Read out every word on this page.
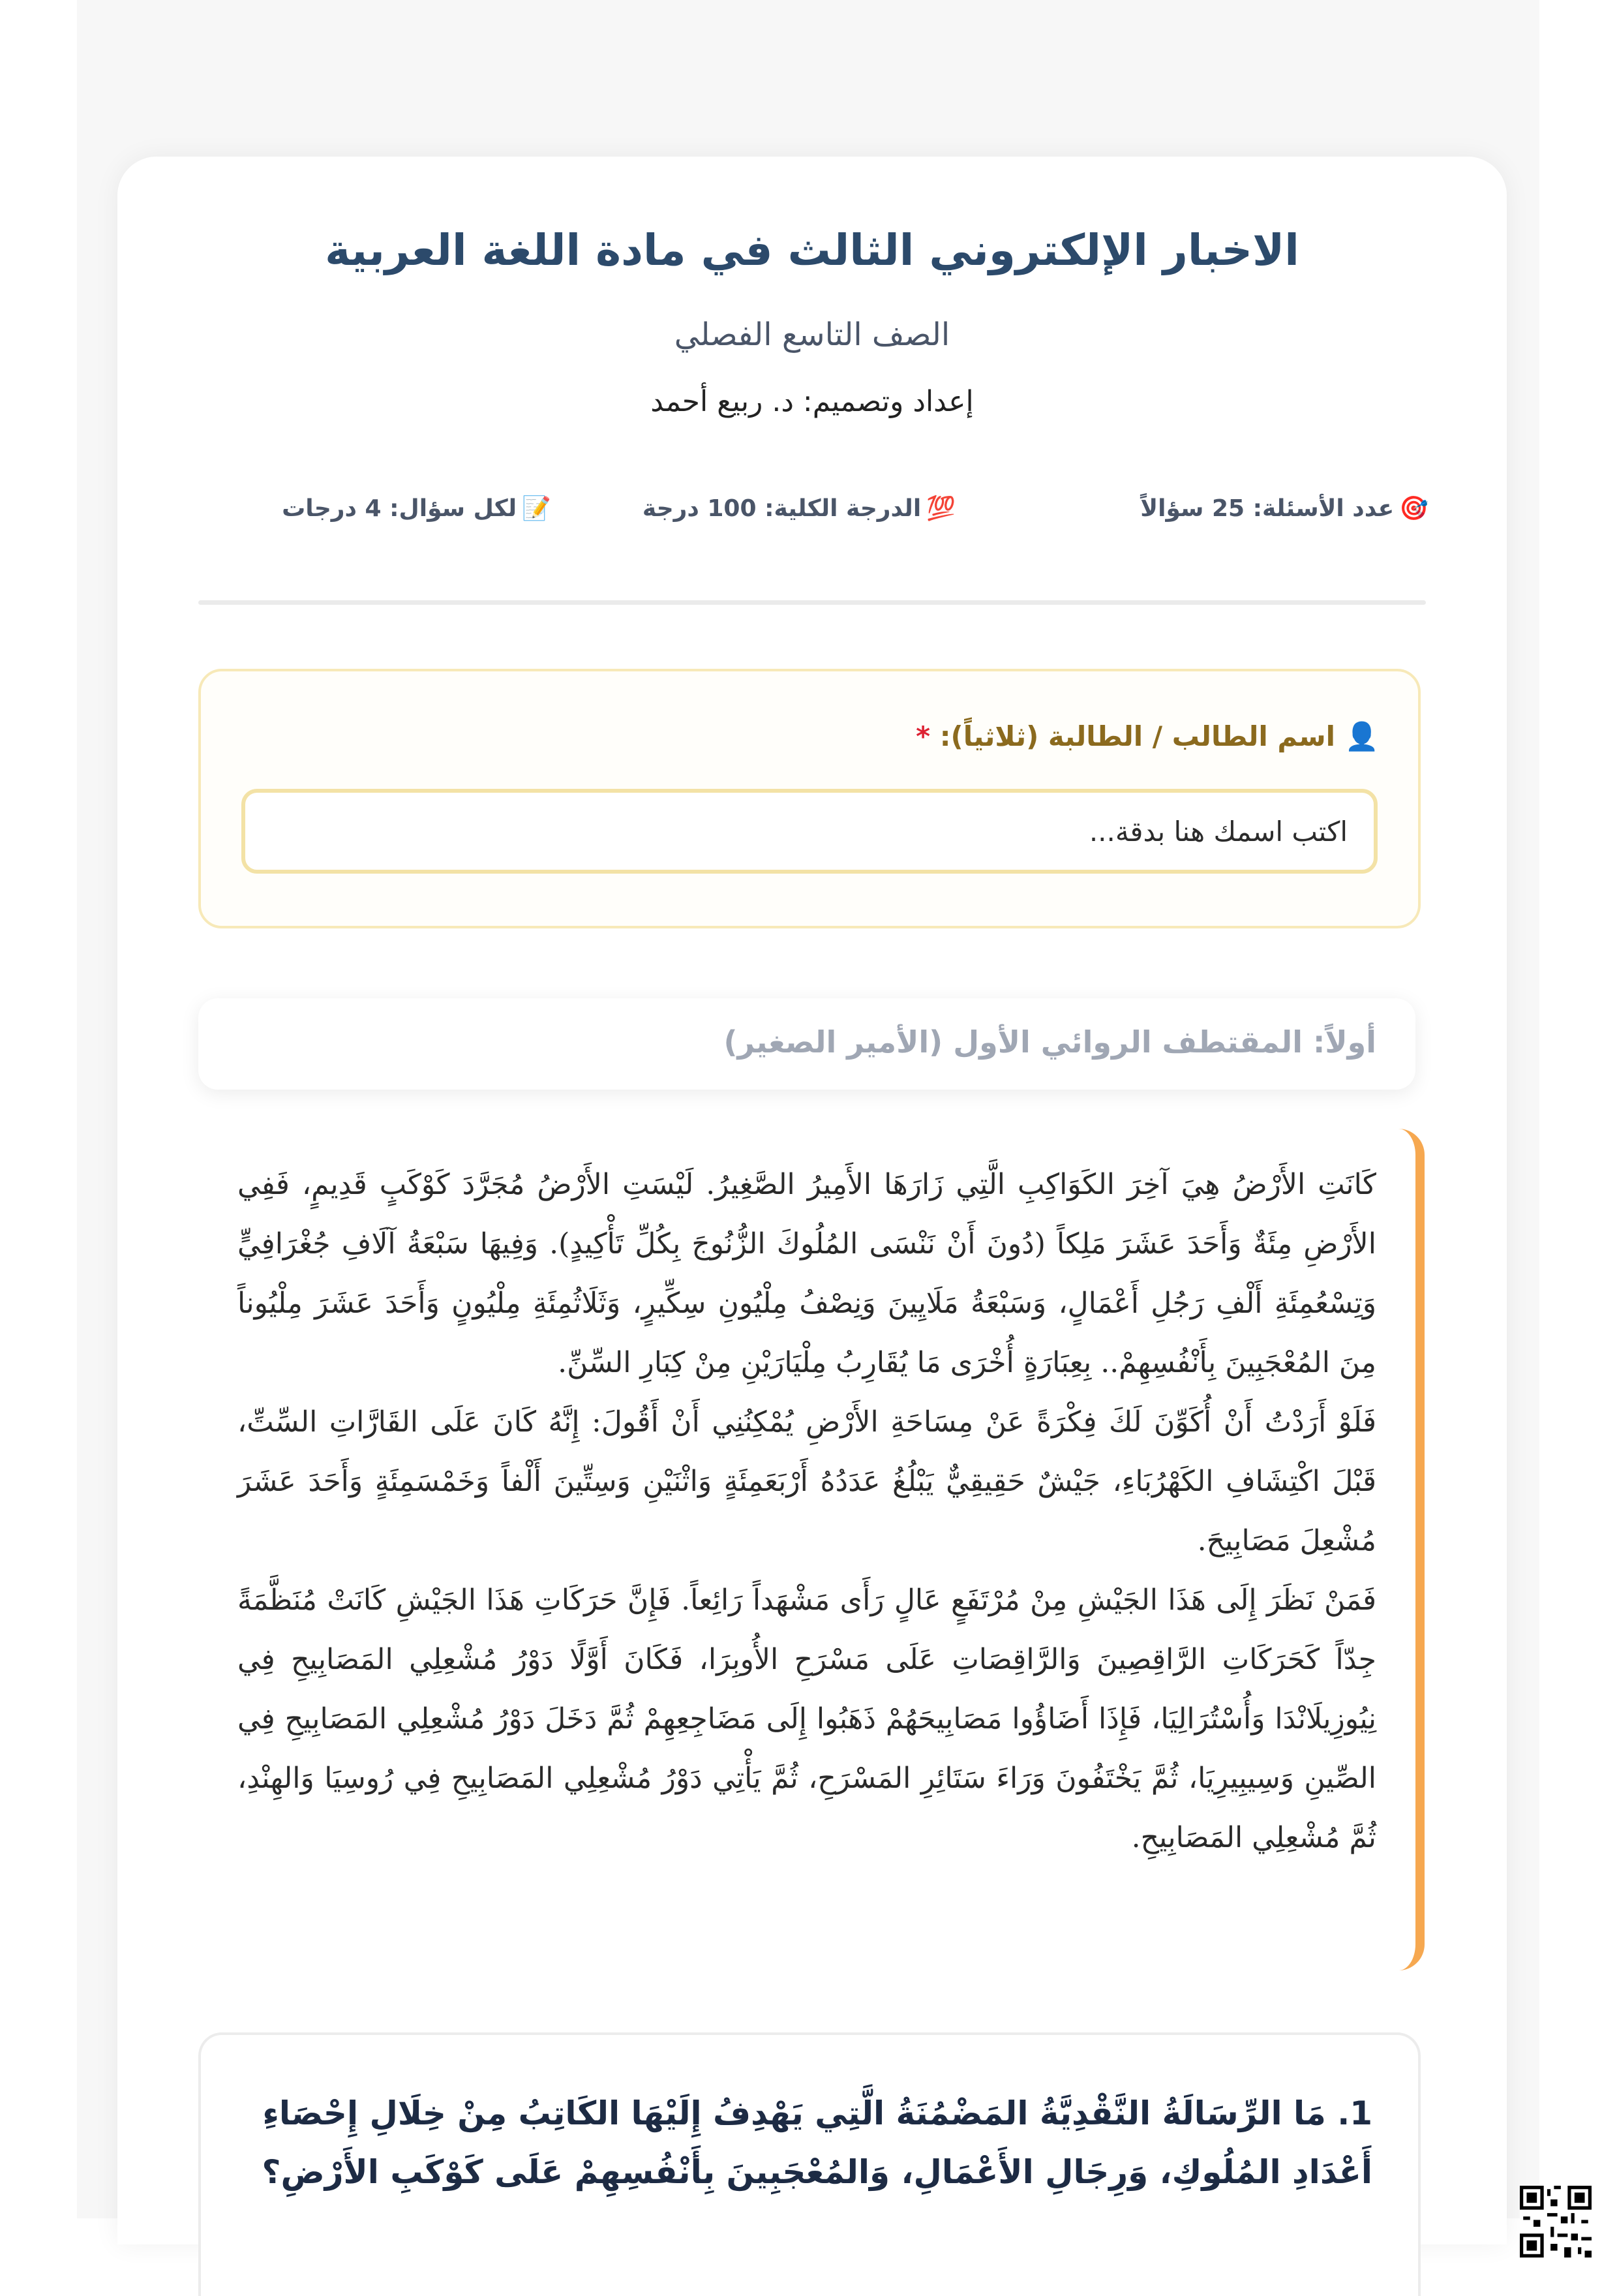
الاخبار الإلكتروني الثالث في مادة اللغة العربية
الصف التاسع الفصلي
إعداد وتصميم: د. ربيع أحمد
🎯عدد الأسئلة: 25 سؤالاً
💯الدرجة الكلية: 100 درجة
📝لكل سؤال: 4 درجات
👤 اسم الطالب / الطالبة (ثلاثياً): *
اكتب اسمك هنا بدقة...
أولاً: المقتطف الروائي الأول (الأمير الصغير)

كَانَتِ الأَرْضُ هِيَ آخِرَ الكَوَاكِبِ الَّتِي زَارَهَا الأَمِيرُ الصَّغِيرُ. لَيْسَتِ الأَرْضُ مُجَرَّدَ كَوْكَبٍ قَدِيمٍ، فَفِي الأَرْضِ مِئَةٌ وَأَحَدَ عَشَرَ مَلِكاً (دُونَ أَنْ نَنْسَى المُلُوكَ الزُّنُوجَ بِكُلِّ تَأْكِيدٍ). وَفِيهَا سَبْعَةُ آلَافِ جُغْرَافِيٍّ وَتِسْعُمِئَةِ أَلْفِ رَجُلِ أَعْمَالٍ، وَسَبْعَةُ مَلَايِينَ وَنِصْفُ مِلْيُونِ سِكِّيرٍ، وَثَلَاثُمِئَةِ مِلْيُونٍ وَأَحَدَ عَشَرَ مِلْيُوناً مِنَ المُعْجَبِينَ بِأَنْفُسِهِمْ.. بِعِبَارَةٍ أُخْرَى مَا يُقَارِبُ مِلْيَارَيْنِ مِنْ كِبَارِ السِّنِّ.

فَلَوْ أَرَدْتُ أَنْ أُكَوِّنَ لَكَ فِكْرَةً عَنْ مِسَاحَةِ الأَرْضِ يُمْكِنُنِي أَنْ أَقُولَ: إِنَّهُ كَانَ عَلَى القَارَّاتِ السِّتِّ، قَبْلَ اكْتِشَافِ الكَهْرُبَاءِ، جَيْشٌ حَقِيقِيٌّ يَبْلُغُ عَدَدُهُ أَرْبَعَمِئَةٍ وَاثْنَيْنِ وَسِتِّينَ أَلْفاً وَخَمْسَمِئَةٍ وَأَحَدَ عَشَرَ مُشْعِلَ مَصَابِيحَ.

فَمَنْ نَظَرَ إِلَى هَذَا الجَيْشِ مِنْ مُرْتَفَعٍ عَالٍ رَأَى مَشْهَداً رَائِعاً. فَإِنَّ حَرَكَاتِ هَذَا الجَيْشِ كَانَتْ مُنَظَّمَةً جِدّاً كَحَرَكَاتِ الرَّاقِصِينَ وَالرَّاقِصَاتِ عَلَى مَسْرَحِ الأُوبِرَا، فَكَانَ أَوَّلًا دَوْرُ مُشْعِلِي المَصَابِيحِ فِي نِيُوزِيلَانْدَا وَأُسْتُرَالِيَا، فَإِذَا أَضَاؤُوا مَصَابِيحَهُمْ ذَهَبُوا إِلَى مَضَاجِعِهِمْ ثُمَّ دَخَلَ دَوْرُ مُشْعِلِي المَصَابِيحِ فِي الصِّينِ وَسِيبِيرِيَا، ثُمَّ يَخْتَفُونَ وَرَاءَ سَتَائِرِ المَسْرَحِ، ثُمَّ يَأْتِي دَوْرُ مُشْعِلِي المَصَابِيحِ فِي رُوسِيَا وَالهِنْدِ، ثُمَّ مُشْعِلِي المَصَابِيحِ.

1. مَا الرِّسَالَةُ النَّقْدِيَّةُ المَضْمُنَةُ الَّتِي يَهْدِفُ إِلَيْهَا الكَاتِبُ مِنْ خِلَالِ إِحْصَاءِ أَعْدَادِ المُلُوكِ، وَرِجَالِ الأَعْمَالِ، وَالمُعْجَبِينَ بِأَنْفُسِهِمْ عَلَى كَوْكَبِ الأَرْضِ؟
